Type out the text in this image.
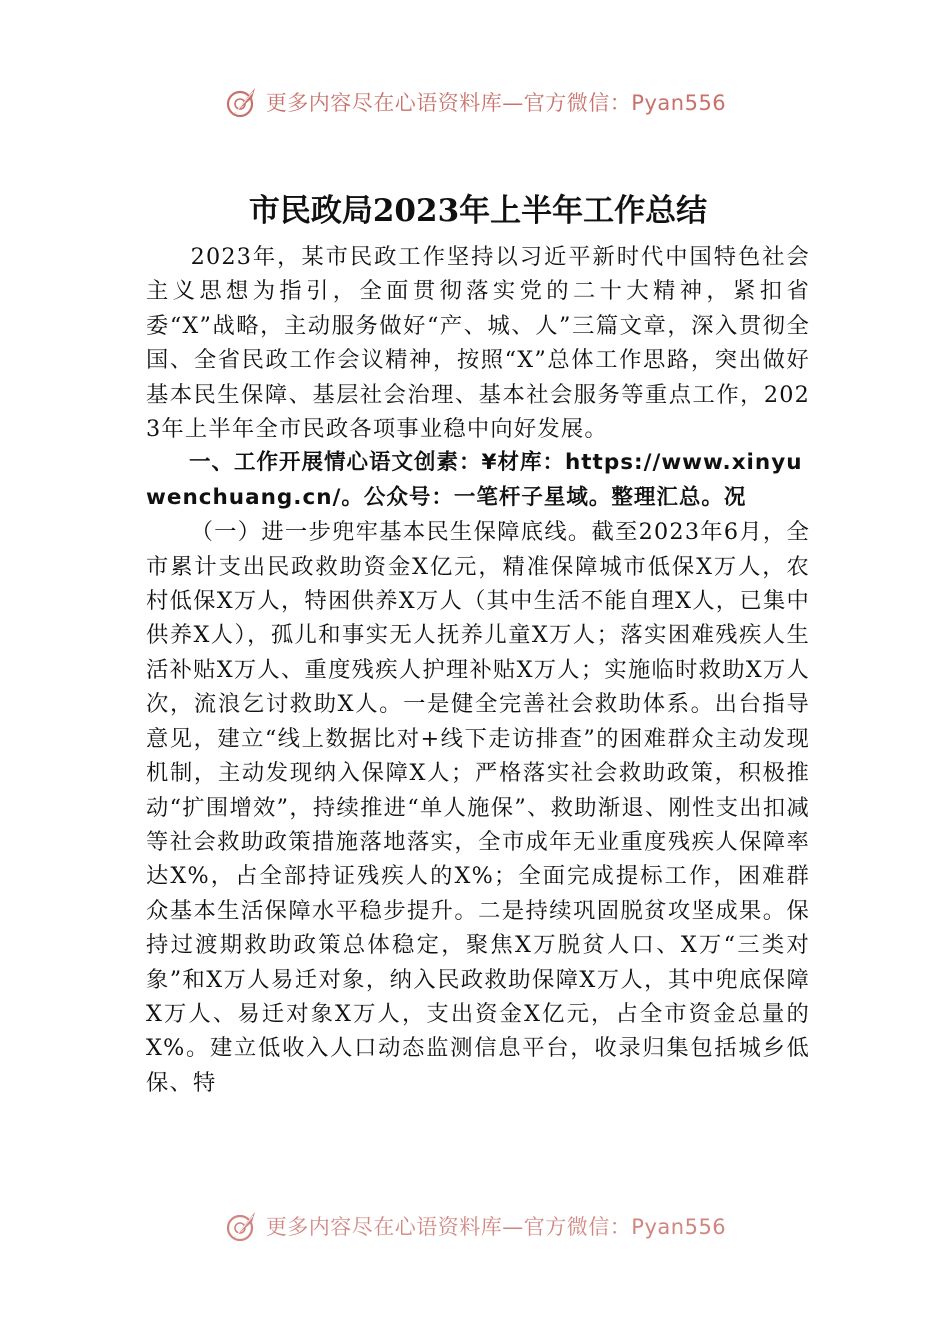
更多内容尽在心语资料库—官方微信：Pyan556
市民政局2023年上半年工作总结

2023年，某市民政工作坚持以习近平新时代中国特色社会主义思想为指引，全面贯彻落实党的二十大精神，紧扣省委“X”战略，主动服务做好“产、城、人”三篇文章，深入贯彻全国、全省民政工作会议精神，按照“X”总体工作思路，突出做好基本民生保障、基层社会治理、基本社会服务等重点工作，2023年上半年全市民政各项事业稳中向好发展。

一、工作开展情心语文创素：¥材库：https://www.xinyuwenchuang.cn/。公众号：一笔杆子星域。整理汇总。况

（一）进一步兜牢基本民生保障底线。截至2023年6月，全市累计支出民政救助资金X亿元，精准保障城市低保X万人，农村低保X万人，特困供养X万人（其中生活不能自理X人，已集中供养X人），孤儿和事实无人抚养儿童X万人；落实困难残疾人生活补贴X万人、重度残疾人护理补贴X万人；实施临时救助X万人次，流浪乞讨救助X人。一是健全完善社会救助体系。出台指导意见，建立“线上数据比对+线下走访排查”的困难群众主动发现机制，主动发现纳入保障X人；严格落实社会救助政策，积极推动“扩围增效”，持续推进“单人施保”、救助渐退、刚性支出扣减等社会救助政策措施落地落实，全市成年无业重度残疾人保障率达X%，占全部持证残疾人的X%；全面完成提标工作，困难群众基本生活保障水平稳步提升。二是持续巩固脱贫攻坚成果。保持过渡期救助政策总体稳定，聚焦X万脱贫人口、X万“三类对象”和X万人易迁对象，纳入民政救助保障X万人，其中兜底保障X万人、易迁对象X万人，支出资金X亿元，占全市资金总量的X%。建立低收入人口动态监测信息平台，收录归集包括城乡低保、特

更多内容尽在心语资料库—官方微信：Pyan556
